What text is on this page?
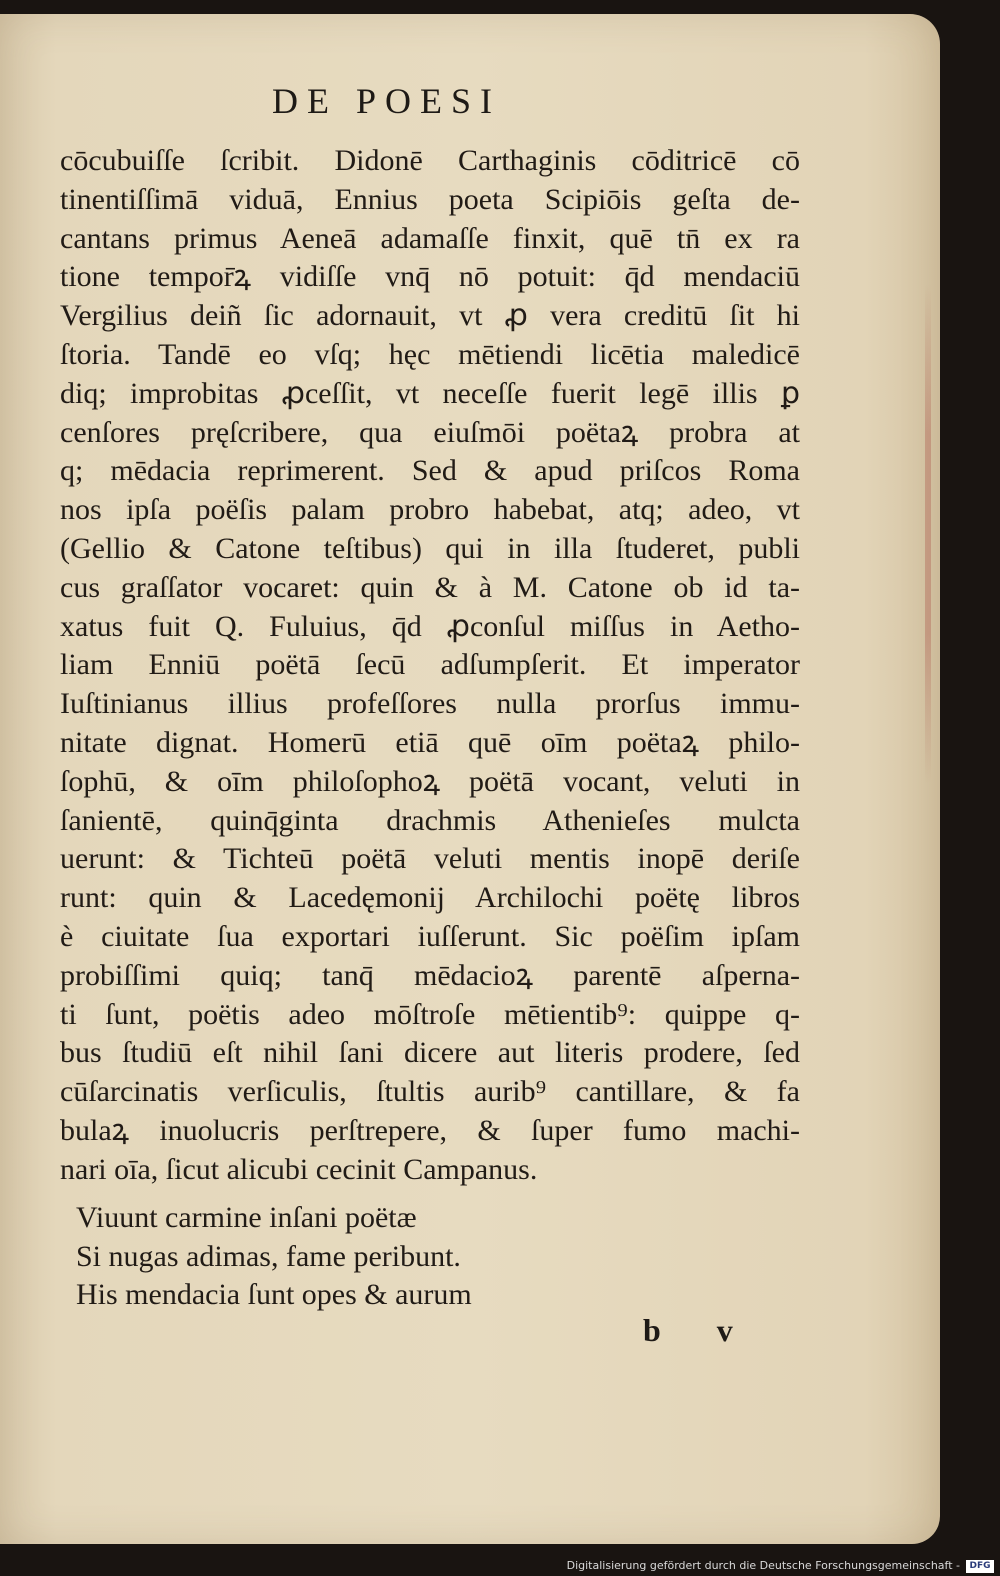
DE POESI
cōcubuiſſe ſcribit. Didonē Carthaginis cōditricē cō
tinentiſſimā viduā, Ennius poeta Scipiōis geſta de-
cantans primus Aeneā adamaſſe finxit, quē tn̄ ex ra
tione tempor̄ꝝ vidiſſe vnq̄ nō potuit: q̄d mendaciū
Vergilius deiñ ſic adornauit, vt ꝓ vera creditū ſit hi
ſtoria. Tandē eo vſq; hęc mētiendi licētia maledicē
diq; improbitas ꝓceſſit, vt neceſſe fuerit legē illis ꝑ
cenſores pręſcribere, qua eiuſmōi poëtaꝝ probra at
q; mēdacia reprimerent. Sed & apud priſcos Roma
nos ipſa poëſis palam probro habebat, atq; adeo, vt
(Gellio & Catone teſtibus) qui in illa ſtuderet, publi
cus graſſator vocaret: quin & à M. Catone ob id ta-
xatus fuit Q. Fuluius, q̄d ꝓconſul miſſus in Aetho-
liam Enniū poëtā ſecū adſumpſerit. Et imperator
Iuſtinianus illius profeſſores nulla prorſus immu-
nitate dignat. Homerū etiā quē oīm poëtaꝝ philo-
ſophū, & oīm philoſophoꝝ poëtā vocant, veluti in
ſanientē, quinq̄ginta drachmis Athenieſes mulcta
uerunt: & Tichteū poëtā veluti mentis inopē deriſe
runt: quin & Lacedęmonij Archilochi poëtę libros
è ciuitate ſua exportari iuſſerunt. Sic poëſim ipſam
probiſſimi quiq; tanq̄ mēdacioꝝ parentē aſperna-
ti ſunt, poëtis adeo mōſtroſe mētientib⁹: quippe q-
bus ſtudiū eſt nihil ſani dicere aut literis prodere, ſed
cūſarcinatis verſiculis, ſtultis aurib⁹ cantillare, & fa
bulaꝝ inuolucris perſtrepere, & ſuper fumo machi-
nari oīa, ſicut alicubi cecinit Campanus.
Viuunt carmine inſani poëtæ
Si nugas adimas, fame peribunt.
His mendacia ſunt opes & aurum
b v
Digitalisierung gefördert durch die Deutsche Forschungsgemeinschaft -	DFG
